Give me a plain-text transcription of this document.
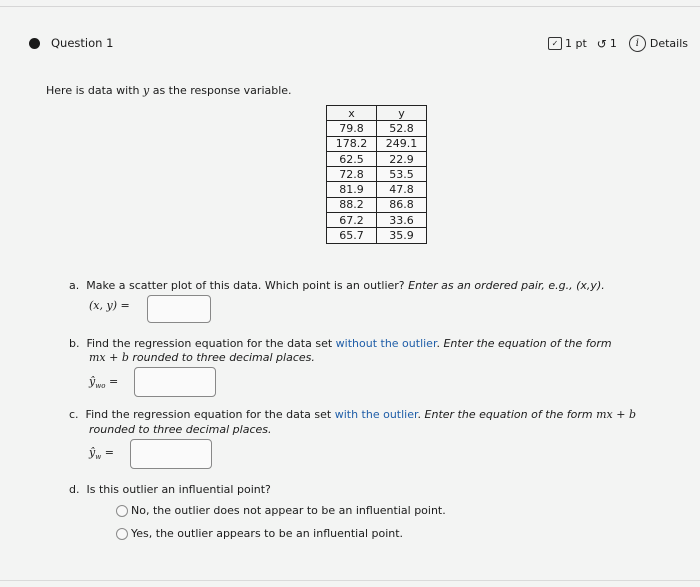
Question 1	✓ 1 pt ↺ 1	i Details
Here is data with y as the response variable.
x	y
79.8	52.8
178.2	249.1
62.5	22.9
72.8	53.5
81.9	47.8
88.2	86.8
67.2	33.6
65.7	35.9
a. Make a scatter plot of this data. Which point is an outlier? Enter as an ordered pair, e.g., (x,y).
(x, y) =
b. Find the regression equation for the data set without the outlier. Enter the equation of the form
mx + b rounded to three decimal places.
$ŷ_{wo}$ =
c. Find the regression equation for the data set with the outlier. Enter the equation of the form mx + b
rounded to three decimal places.
$ŷ_w$ =
d. Is this outlier an influential point?
No, the outlier does not appear to be an influential point.
Yes, the outlier appears to be an influential point.
